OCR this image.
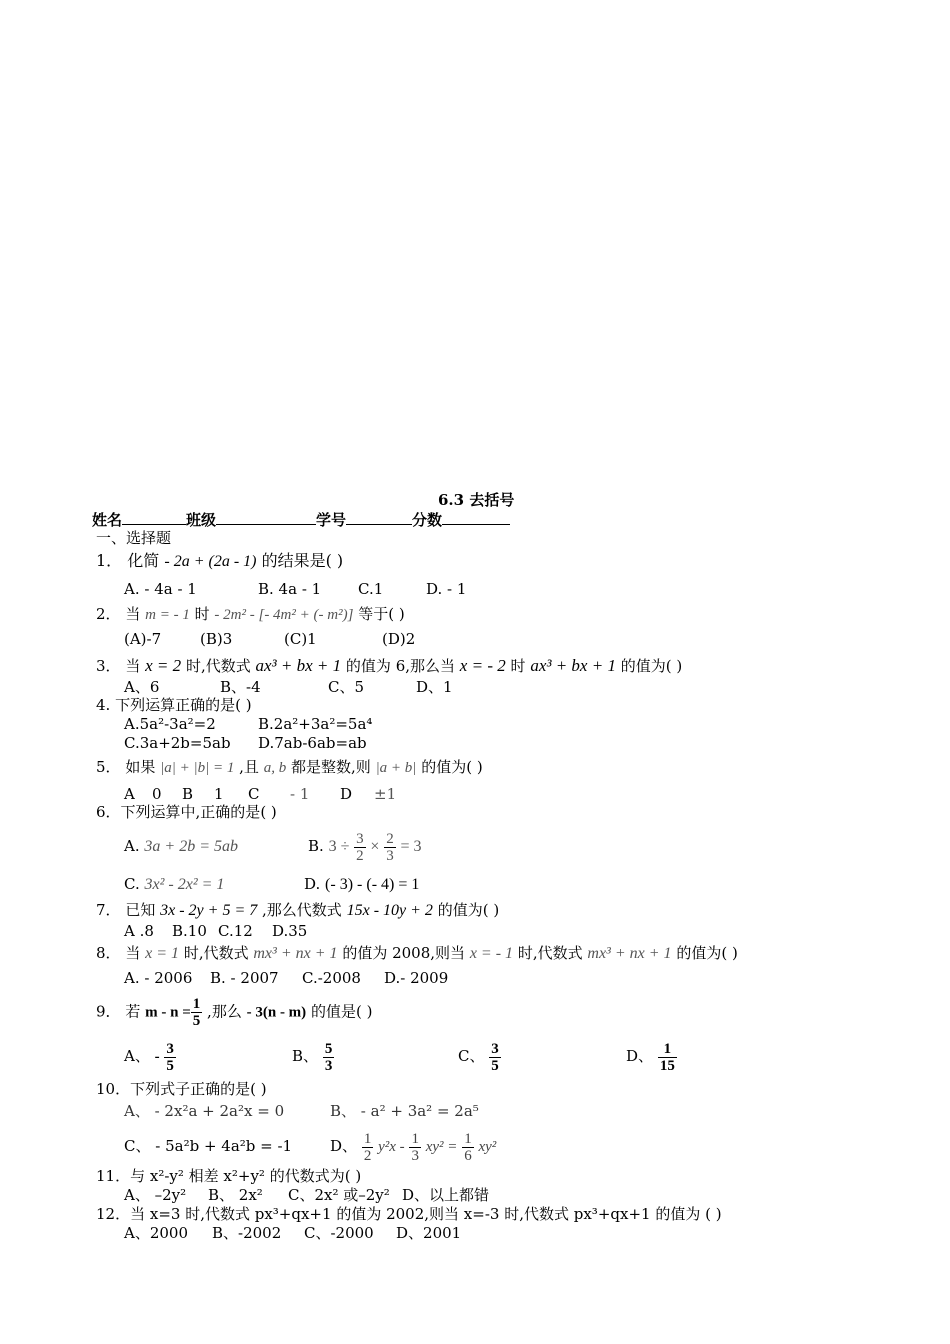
6.3 去括号
姓名	班级	学号	分数
一、选择题
1． 化简 - 2a + (2a - 1) 的结果是( )
A. - 4a - 1	B. 4a - 1 C.1	D. - 1
2． 当 m = - 1 时 - 2m² - [- 4m² + (- m²)] 等于( )
(A)-7	(B)3	(C)1	(D)2
3． 当 x = 2 时,代数式 ax³ + bx + 1 的值为 6,那么当 x = - 2 时 ax³ + bx + 1 的值为( )
A、6	B、-4	C、5	D、1
4. 下列运算正确的是( )
A.5a²-3a²=2	B.2a²+3a²=5a⁴
C.3a+2b=5ab D.7ab-6ab=ab
5． 如果 |a| + |b| = 1 ,且 a, b 都是整数,则 |a + b| 的值为( )
A 0 B 1 C - 1 D ±1
6．下列运算中,正确的是( )
A. 3a + 2b = 5ab	B. $3 \div \frac{3}{2} \times \frac{2}{3} = 3$
C. 3x² - 2x² = 1	D. (- 3) - (- 4) = 1
7． 已知 3x - 2y + 5 = 7 ,那么代数式 15x - 10y + 2 的值为( )
A .8 B.10 C.12 D.35
8． 当 x = 1 时,代数式 mx³ + nx + 1 的值为 2008,则当 x = - 1 时,代数式 mx³ + nx + 1 的值为( )
A. - 2006 B. - 2007 C.-2008 D.- 2009
9． 若 $m - n = \frac{1}{5}$ ,那么 - 3(n - m) 的值是( )
A、 - $\frac{3}{5}$	B、 $\frac{5}{3}$	C、 $\frac{3}{5}$	D、 $\frac{1}{15}$
10．下列式子正确的是( )
A、 - 2x²a + 2a²x = 0	B、 - a² + 3a² = 2a⁵
C、 - 5a²b + 4a²b = -1	D、 $\frac{1}{2} y^2x - \frac{1}{3} xy^2 = \frac{1}{6} xy^2$
11．与 x²-y² 相差 x²+y² 的代数式为( )
A、 –2y² B、 2x² C、2x² 或–2y² D、以上都错
12．当 x=3 时,代数式 px³+qx+1 的值为 2002,则当 x=-3 时,代数式 px³+qx+1 的值为 ( )
A、2000 B、-2002 C、-2000 D、2001
